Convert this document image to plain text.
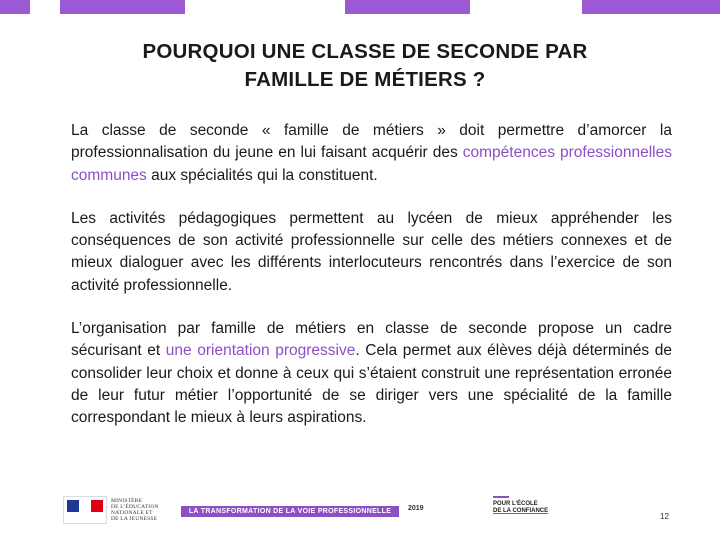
POURQUOI UNE CLASSE DE SECONDE PAR
FAMILLE DE MÉTIERS ?

La classe de seconde « famille de métiers » doit permettre d’amorcer la professionnalisation du jeune en lui faisant acquérir des compétences professionnelles communes aux spécialités qui la constituent.

Les activités pédagogiques permettent au lycéen de mieux appréhender les conséquences de son activité professionnelle sur celle des métiers connexes et de mieux dialoguer avec les différents interlocuteurs rencontrés dans l’exercice de son activité professionnelle.

L’organisation par famille de métiers en classe de seconde propose un cadre sécurisant et une orientation progressive. Cela permet aux élèves déjà déterminés de consolider leur choix et donne à ceux qui s’étaient construit une représentation erronée de leur futur métier l’opportunité de se diriger vers une spécialité de la famille correspondant le mieux à leurs aspirations.

MINISTÈRE
DE L’ÉDUCATION
NATIONALE ET
DE LA JEUNESSE
LA TRANSFORMATION DE LA VOIE PROFESSIONNELLE	2019
POUR L’ÉCOLE
DE LA CONFIANCE
12
